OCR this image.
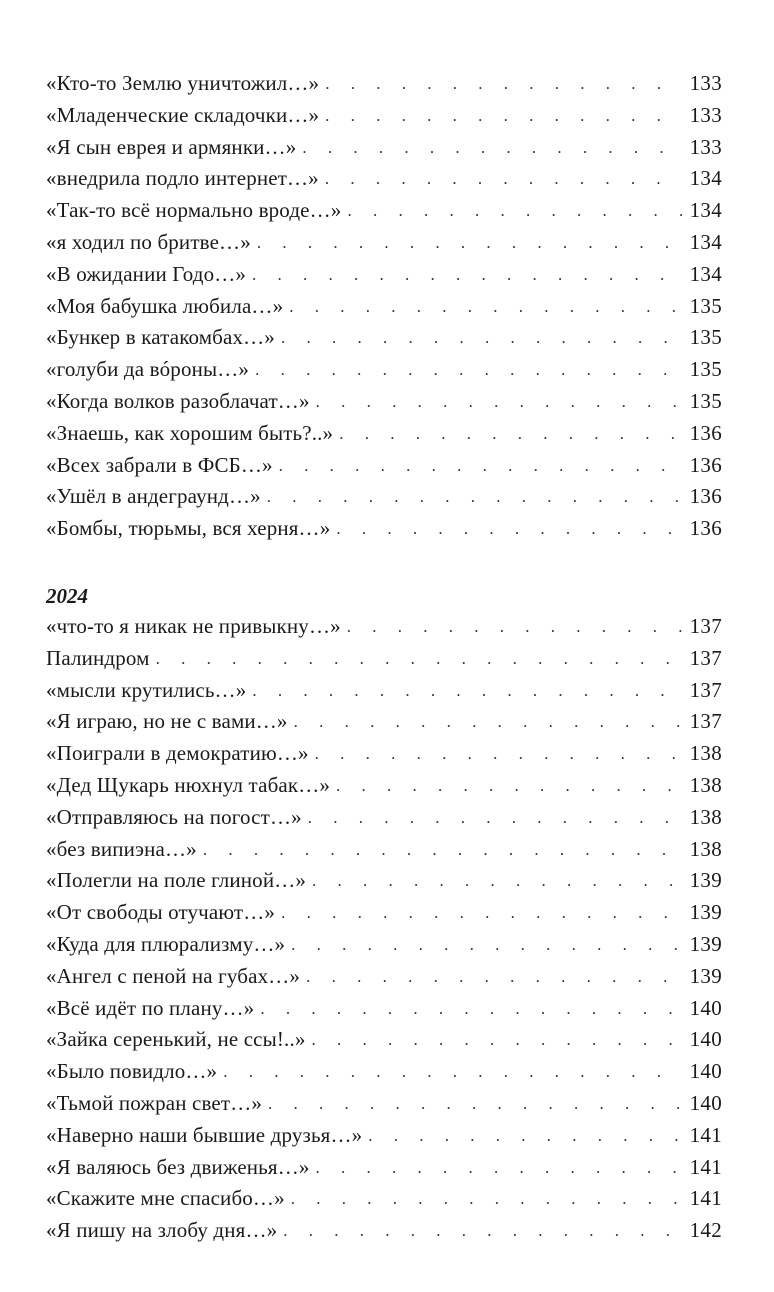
«Кто-то Землю уничтожил…» . . .	133
«Младенческие складочки…» . . .	133
«Я сын еврея и армянки…» . . .	133
«внедрила подло интернет…» . . .	134
«Так-то всё нормально вроде…» . . .	134
«я ходил по бритве…» . . .	134
«В ожидании Годо…» . . .	134
«Моя бабушка любила…» . . .	135
«Бункер в катакомбах…» . . .	135
«голуби да вóроны…» . . .	135
«Когда волков разоблачат…» . . .	135
«Знаешь, как хорошим быть?..» . . .	136
«Всех забрали в ФСБ…» . . .	136
«Ушёл в андеграунд…» . . .	136
«Бомбы, тюрьмы, вся херня…» . . .	136
2024
«что-то я никак не привыкну…» . . .	137
Палиндром . . .	137
«мысли крутились…» . . .	137
«Я играю, но не с вами…» . . .	137
«Поиграли в демократию…» . . .	138
«Дед Щукарь нюхнул табак…» . . .	138
«Отправляюсь на погост…» . . .	138
«без випиэна…» . . .	138
«Полегли на поле глиной…» . . .	139
«От свободы отучают…» . . .	139
«Куда для плюрализму…» . . .	139
«Ангел с пеной на губах…» . . .	139
«Всё идёт по плану…» . . .	140
«Зайка серенький, не ссы!..» . . .	140
«Было повидло…» . . .	140
«Тьмой пожран свет…» . . .	140
«Наверно наши бывшие друзья…» . . .	141
«Я валяюсь без движенья…» . . .	141
«Скажите мне спасибо…» . . .	141
«Я пишу на злобу дня…» . . .	142
